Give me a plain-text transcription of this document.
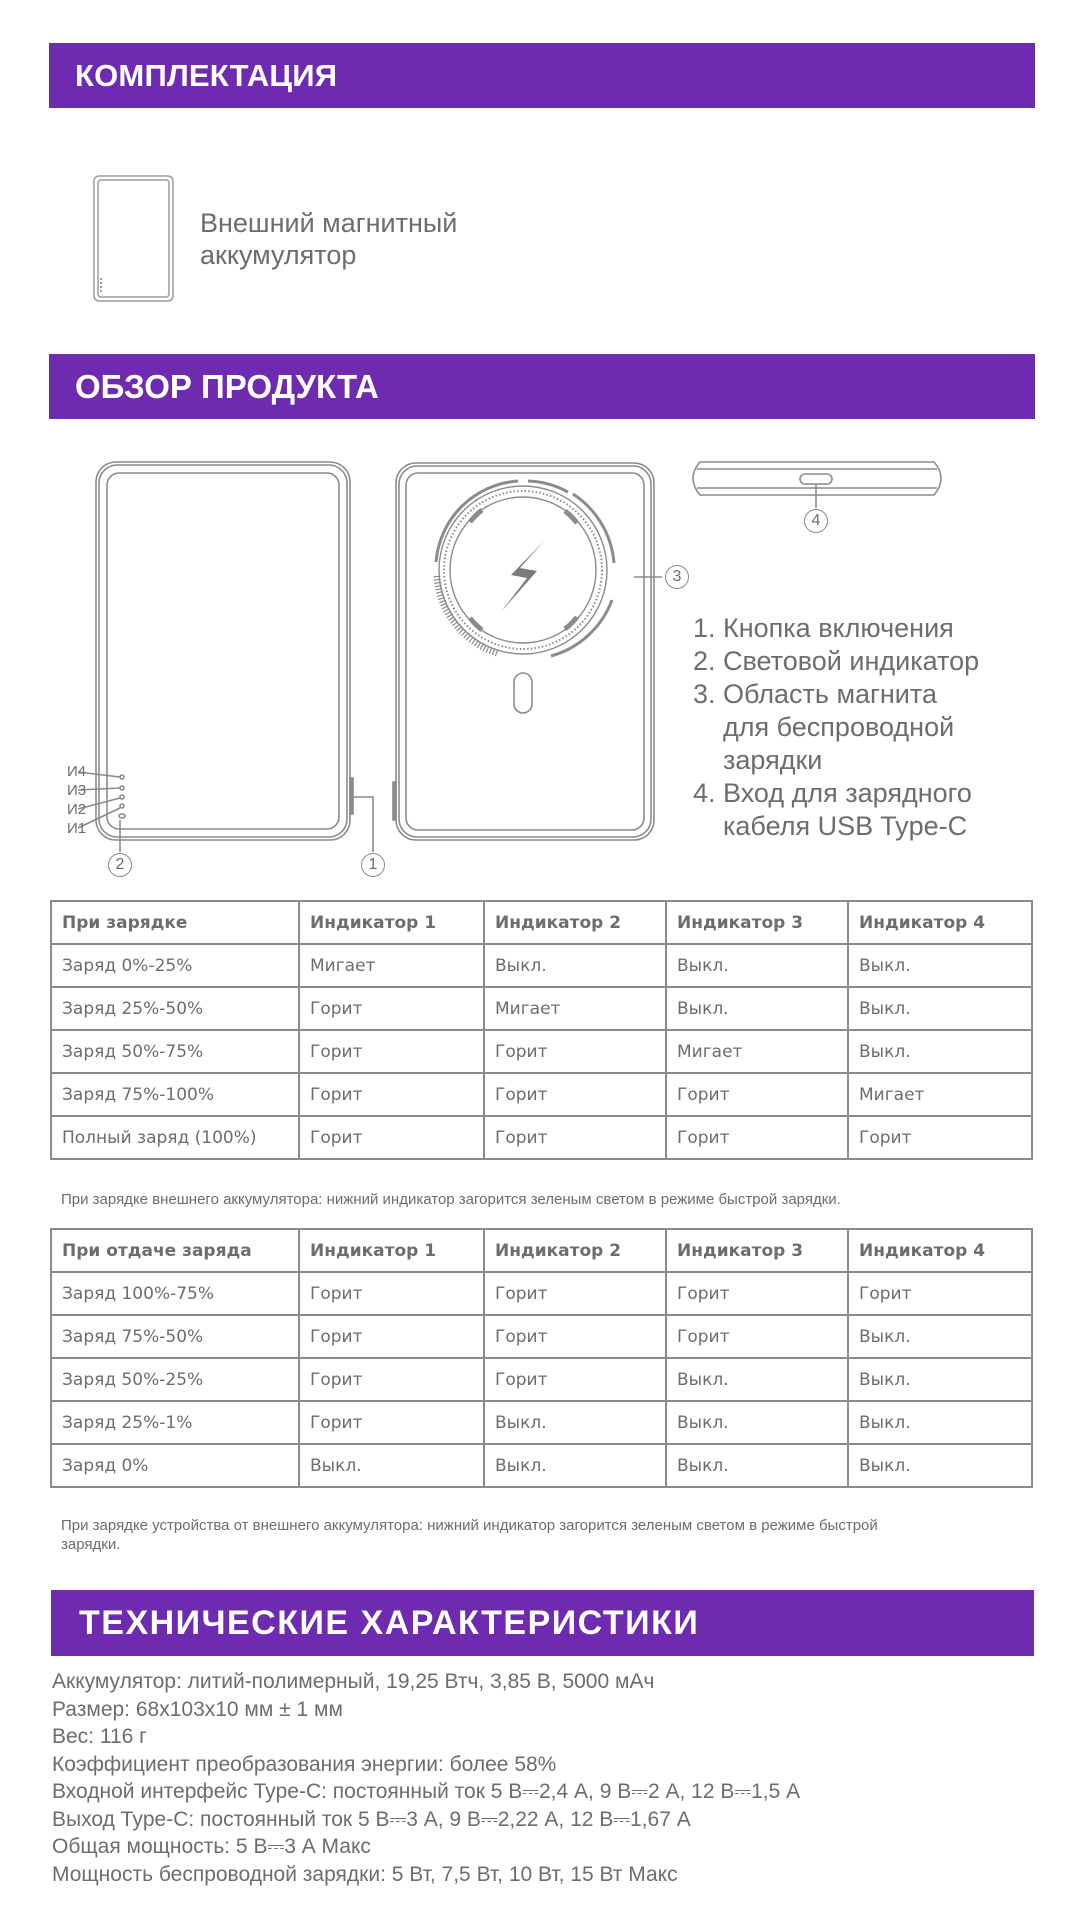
КОМПЛЕКТАЦИЯ
Внешний магнитный аккумулятор
ОБЗОР ПРОДУКТА
И4
И3
И2
И1
1
2
3
4
1. Кнопка включения
2. Световой индикатор
3. Область магнита для беспроводной зарядки
4. Вход для зарядного кабеля USB Type-C
При зарядке	Индикатор 1	Индикатор 2	Индикатор 3	Индикатор 4
Заряд 0%-25%	Мигает	Выкл.	Выкл.	Выкл.
Заряд 25%-50%	Горит	Мигает	Выкл.	Выкл.
Заряд 50%-75%	Горит	Горит	Мигает	Выкл.
Заряд 75%-100%	Горит	Горит	Горит	Мигает
Полный заряд (100%)	Горит	Горит	Горит	Горит
При зарядке внешнего аккумулятора: нижний индикатор загорится зеленым светом в режиме быстрой зарядки.
При отдаче заряда	Индикатор 1	Индикатор 2	Индикатор 3	Индикатор 4
Заряд 100%-75%	Горит	Горит	Горит	Горит
Заряд 75%-50%	Горит	Горит	Горит	Выкл.
Заряд 50%-25%	Горит	Горит	Выкл.	Выкл.
Заряд 25%-1%	Горит	Выкл.	Выкл.	Выкл.
Заряд 0%	Выкл.	Выкл.	Выкл.	Выкл.
При зарядке устройства от внешнего аккумулятора: нижний индикатор загорится зеленым светом в режиме быстрой зарядки.
ТЕХНИЧЕСКИЕ ХАРАКТЕРИСТИКИ
Аккумулятор: литий-полимерный, 19,25 Втч, 3,85 В, 5000 мАч
Размер: 68x103x10 мм ± 1 мм
Вес: 116 г
Коэффициент преобразования энергии: более 58%
Входной интерфейс Type-C: постоянный ток 5 В⎓2,4 А, 9 В⎓2 А, 12 В⎓1,5 А
Выход Type-C: постоянный ток 5 В⎓3 А, 9 В⎓2,22 А, 12 В⎓1,67 А
Общая мощность: 5 В⎓3 А Макс
Мощность беспроводной зарядки: 5 Вт, 7,5 Вт, 10 Вт, 15 Вт Макс
